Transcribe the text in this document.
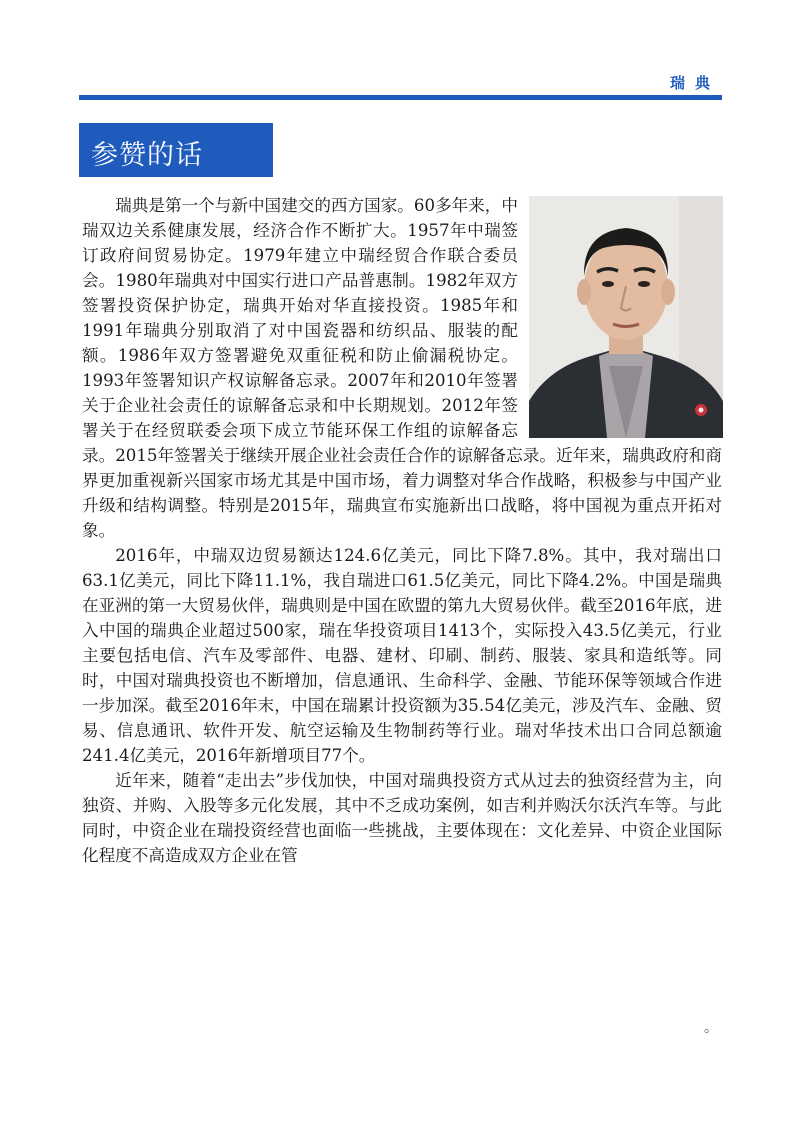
瑞典
参赞的话

瑞典是第一个与新中国建交的西方国家。60多年来，中瑞双边关系健康发展，经济合作不断扩大。1957年中瑞签订政府间贸易协定。1979年建立中瑞经贸合作联合委员会。1980年瑞典对中国实行进口产品普惠制。1982年双方签署投资保护协定，瑞典开始对华直接投资。1985年和1991年瑞典分别取消了对中国瓷器和纺织品、服装的配额。1986年双方签署避免双重征税和防止偷漏税协定。1993年签署知识产权谅解备忘录。2007年和2010年签署关于企业社会责任的谅解备忘录和中长期规划。2012年签署关于在经贸联委会项下成立节能环保工作组的谅解备忘录。2015年签署关于继续开展企业社会责任合作的谅解备忘录。近年来，瑞典政府和商界更加重视新兴国家市场尤其是中国市场，着力调整对华合作战略，积极参与中国产业升级和结构调整。特别是2015年，瑞典宣布实施新出口战略，将中国视为重点开拓对象。

2016年，中瑞双边贸易额达124.6亿美元，同比下降7.8%。其中，我对瑞出口63.1亿美元，同比下降11.1%，我自瑞进口61.5亿美元，同比下降4.2%。中国是瑞典在亚洲的第一大贸易伙伴，瑞典则是中国在欧盟的第九大贸易伙伴。截至2016年底，进入中国的瑞典企业超过500家，瑞在华投资项目1413个，实际投入43.5亿美元，行业主要包括电信、汽车及零部件、电器、建材、印刷、制药、服装、家具和造纸等。同时，中国对瑞典投资也不断增加，信息通讯、生命科学、金融、节能环保等领域合作进一步加深。截至2016年末，中国在瑞累计投资额为35.54亿美元，涉及汽车、金融、贸易、信息通讯、软件开发、航空运输及生物制药等行业。瑞对华技术出口合同总额逾241.4亿美元，2016年新增项目77个。

近年来，随着“走出去”步伐加快，中国对瑞典投资方式从过去的独资经营为主，向独资、并购、入股等多元化发展，其中不乏成功案例，如吉利并购沃尔沃汽车等。与此同时，中资企业在瑞投资经营也面临一些挑战，主要体现在：文化差异、中资企业国际化程度不高造成双方企业在管

。
